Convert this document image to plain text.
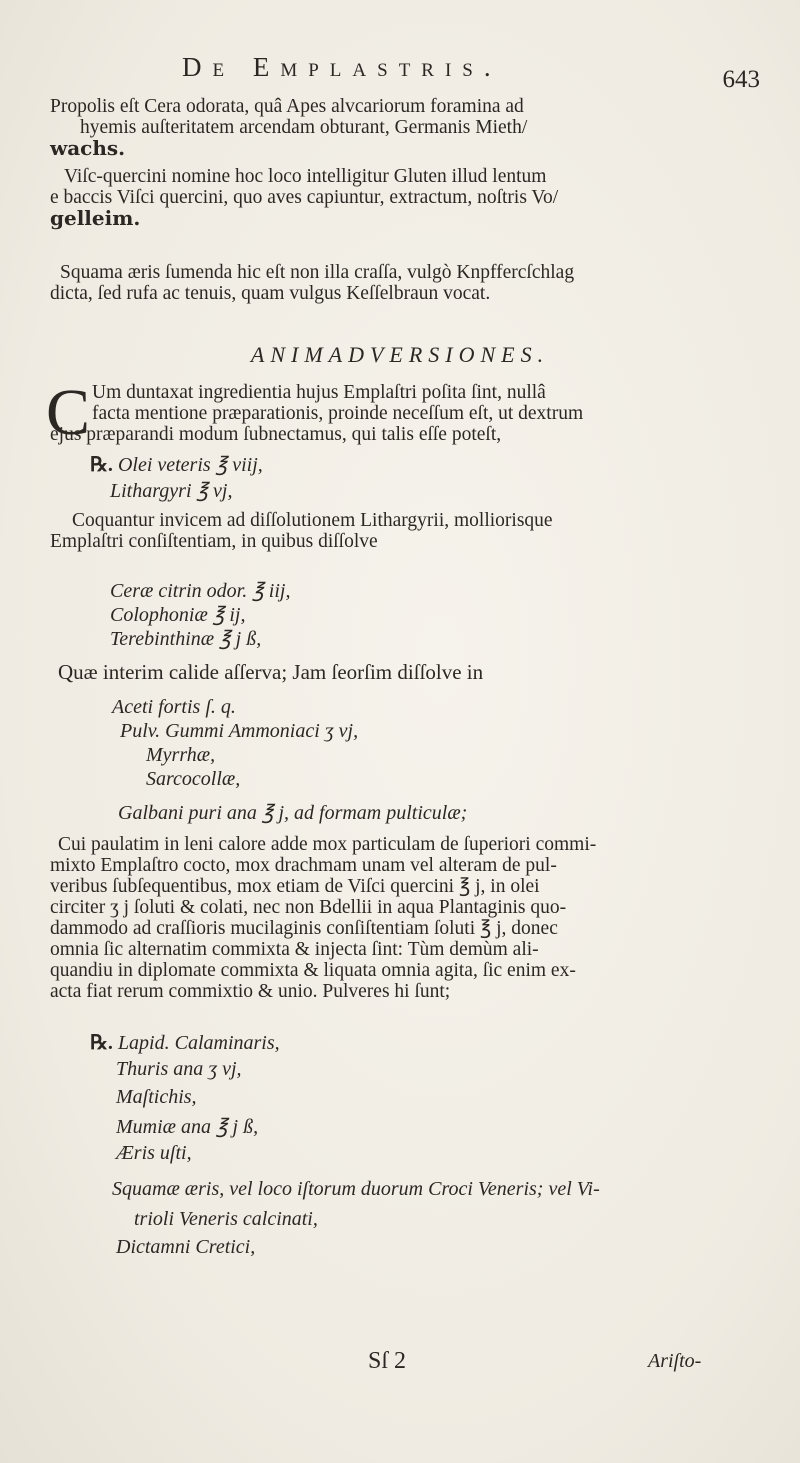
De Emplastris.	643
Propolis eſt Cera odorata, quâ Apes alvcariorum foramina ad
hyemis auſteritatem arcendam obturant, Germanis Mieth/
wachs.
Viſc-quercini nomine hoc loco intelligitur Gluten illud lentum
e baccis Viſci quercini, quo aves capiuntur, extractum, noſtris Vo/
gelleim.
Squama æris ſumenda hic eſt non illa craſſa, vulgò Knpffercſchlag
dicta, ſed rufa ac tenuis, quam vulgus Keſſelbraun vocat.
ANIMADVERSIONES.
C Um duntaxat ingredientia hujus Emplaſtri poſita ſint, nullâ
facta mentione præparationis, proinde neceſſum eſt, ut dextrum
ejus præparandi modum ſubnectamus, qui talis eſſe poteſt,
℞. Olei veteris ℥ viij,
Lithargyri ℥ vj,
Coquantur invicem ad diſſolutionem Lithargyrii, molliorisque
Emplaſtri conſiſtentiam, in quibus diſſolve
Ceræ citrin odor. ℥ iij,
Colophoniæ ℥ ij,
Terebinthinæ ℥ j ß,
Quæ interim calide aſſerva; Jam ſeorſim diſſolve in
Aceti fortis ſ. q.
Pulv. Gummi Ammoniaci ʒ vj,
Myrrhæ,
Sarcocollæ,
Galbani puri ana ℥ j, ad formam pulticulæ;
Cui paulatim in leni calore adde mox particulam de ſuperiori commi-
mixto Emplaſtro cocto, mox drachmam unam vel alteram de pul-
veribus ſubſequentibus, mox etiam de Viſci quercini ℥ j, in olei
circiter ʒ j ſoluti & colati, nec non Bdellii in aqua Plantaginis quo-
dammodo ad craſſioris mucilaginis conſiſtentiam ſoluti ℥ j, donec
omnia ſic alternatim commixta & injecta ſint: Tùm demùm ali-
quandiu in diplomate commixta & liquata omnia agita, ſic enim ex-
acta fiat rerum commixtio & unio. Pulveres hi ſunt;
℞. Lapid. Calaminaris,
Thuris ana ʒ vj,
Maſtichis,
Mumiæ ana ℥ j ß,
Æris uſti,
Squamæ æris, vel loco iſtorum duorum Croci Veneris; vel Vi-
trioli Veneris calcinati,
Dictamni Cretici,
Sſ 2	Ariſto-
